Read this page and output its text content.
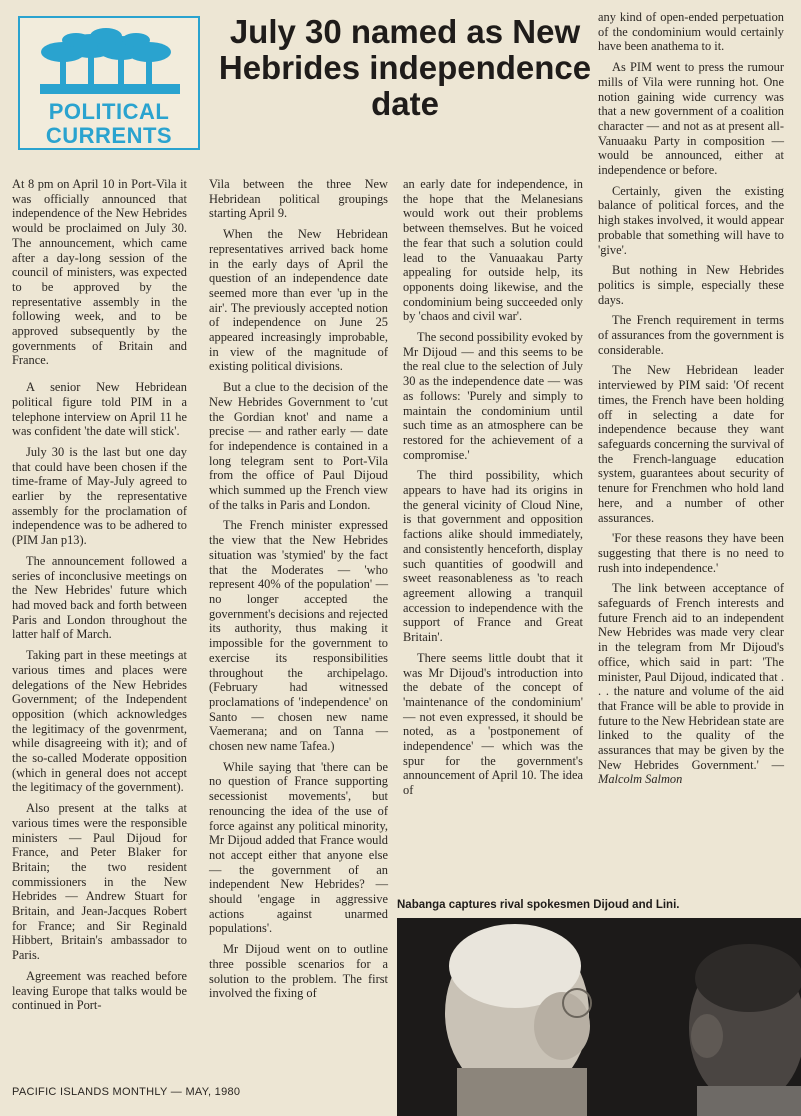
POLITICAL
CURRENTS
July 30 named as New Hebrides independence date

At 8 pm on April 10 in Port-Vila it was officially announced that independence of the New Hebrides would be proclaimed on July 30. The announcement, which came after a day-long session of the council of ministers, was expected to be approved by the representative assembly in the following week, and to be approved subsequently by the governments of Britain and France.

A senior New Hebridean political figure told PIM in a telephone interview on April 11 he was confident 'the date will stick'.

July 30 is the last but one day that could have been chosen if the time-frame of May-July agreed to earlier by the representative assembly for the proclamation of independence was to be adhered to (PIM Jan p13).

The announcement followed a series of inconclusive meetings on the New Hebrides' future which had moved back and forth between Paris and London throughout the latter half of March.

Taking part in these meetings at various times and places were delegations of the New Hebrides Government; of the Independent opposition (which acknowledges the legitimacy of the govenrment, while disagreeing with it); and of the so-called Moderate opposition (which in general does not accept the legitimacy of the government).

Also present at the talks at various times were the responsible ministers — Paul Dijoud for France, and Peter Blaker for Britain; the two resident commissioners in the New Hebrides — Andrew Stuart for Britain, and Jean-Jacques Robert for France; and Sir Reginald Hibbert, Britain's ambassador to Paris.

Agreement was reached before leaving Europe that talks would be continued in Port-

Vila between the three New Hebridean political groupings starting April 9.

When the New Hebridean representatives arrived back home in the early days of April the question of an independence date seemed more than ever 'up in the air'. The previously accepted notion of independence on June 25 appeared increasingly improbable, in view of the magnitude of existing political divisions.

But a clue to the decision of the New Hebrides Government to 'cut the Gordian knot' and name a precise — and rather early — date for independence is contained in a long telegram sent to Port-Vila from the office of Paul Dijoud which summed up the French view of the talks in Paris and London.

The French minister expressed the view that the New Hebrides situation was 'stymied' by the fact that the Moderates — 'who represent 40% of the population' — no longer accepted the government's decisions and rejected its authority, thus making it impossible for the government to exercise its responsibilities throughout the archipelago. (February had witnessed proclamations of 'independence' on Santo — chosen new name Vaemerana; and on Tanna — chosen new name Tafea.)

While saying that 'there can be no question of France supporting secessionist movements', but renouncing the idea of the use of force against any political minority, Mr Dijoud added that France would not accept either that anyone else — the government of an independent New Hebrides? — should 'engage in aggressive actions against unarmed populations'.

Mr Dijoud went on to outline three possible scenarios for a solution to the problem. The first involved the fixing of

an early date for independence, in the hope that the Melanesians would work out their problems between themselves. But he voiced the fear that such a solution could lead to the Vanuaakau Party appealing for outside help, its opponents doing likewise, and the condominium being succeeded only by 'chaos and civil war'.

The second possibility evoked by Mr Dijoud — and this seems to be the real clue to the selection of July 30 as the independence date — was as follows: 'Purely and simply to maintain the condominium until such time as an atmosphere can be restored for the achievement of a compromise.'

The third possibility, which appears to have had its origins in the general vicinity of Cloud Nine, is that government and opposition factions alike should immediately, and consistently henceforth, display such quantities of goodwill and sweet reasonableness as 'to reach agreement allowing a tranquil accession to independence with the support of France and Great Britain'.

There seems little doubt that it was Mr Dijoud's introduction into the debate of the concept of 'maintenance of the condominium' — not even expressed, it should be noted, as a 'postponement of independence' — which was the spur for the government's announcement of April 10. The idea of

any kind of open-ended perpetuation of the condominium would certainly have been anathema to it.

As PIM went to press the rumour mills of Vila were running hot. One notion gaining wide currency was that a new government of a coalition character — and not as at present all-Vanuaaku Party in composition — would be announced, either at independence or before.

Certainly, given the existing balance of political forces, and the high stakes involved, it would appear probable that something will have to 'give'.

But nothing in New Hebrides politics is simple, especially these days.

The French requirement in terms of assurances from the government is considerable.

The New Hebridean leader interviewed by PIM said: 'Of recent times, the French have been holding off in selecting a date for independence because they want safeguards concerning the survival of the French-language education system, guarantees about security of tenure for Frenchmen who hold land here, and a number of other assurances.

'For these reasons they have been suggesting that there is no need to rush into independence.'

The link between acceptance of safeguards of French interests and future French aid to an independent New Hebrides was made very clear in the telegram from Mr Dijoud's office, which said in part: 'The minister, Paul Dijoud, indicated that . . . the nature and volume of the aid that France will be able to provide in future to the New Hebridean state are linked to the quality of the assurances that may be given by the New Hebrides Government.' — Malcolm Salmon

Nabanga captures rival spokesmen Dijoud and Lini.
PACIFIC ISLANDS MONTHLY — MAY, 1980
